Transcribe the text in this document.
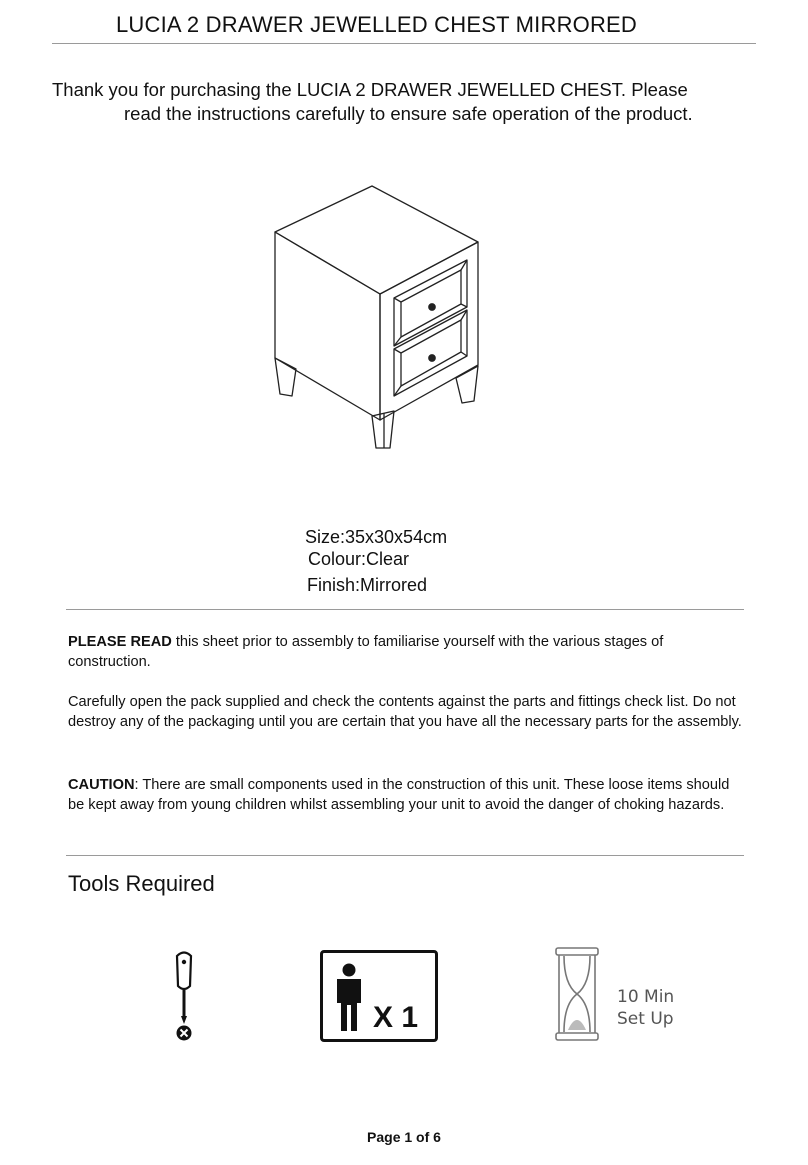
LUCIA 2 DRAWER JEWELLED CHEST MIRRORED
Thank you for purchasing the LUCIA 2 DRAWER JEWELLED CHEST. Please
read the instructions carefully to ensure safe operation of the product.
Size:35x30x54cm
Colour:Clear
Finish:Mirrored
PLEASE READ this sheet prior to assembly to familiarise yourself with the various stages of construction.
Carefully open the pack supplied and check the contents against the parts and fittings check list. Do not destroy any of the packaging until you are certain that you have all the necessary parts for the assembly.
CAUTION: There are small components used in the construction of this unit. These loose items should be kept away from young children whilst assembling your unit to avoid the danger of choking hazards.
Tools Required
X 1
10 Min
Set Up
Page 1 of 6
